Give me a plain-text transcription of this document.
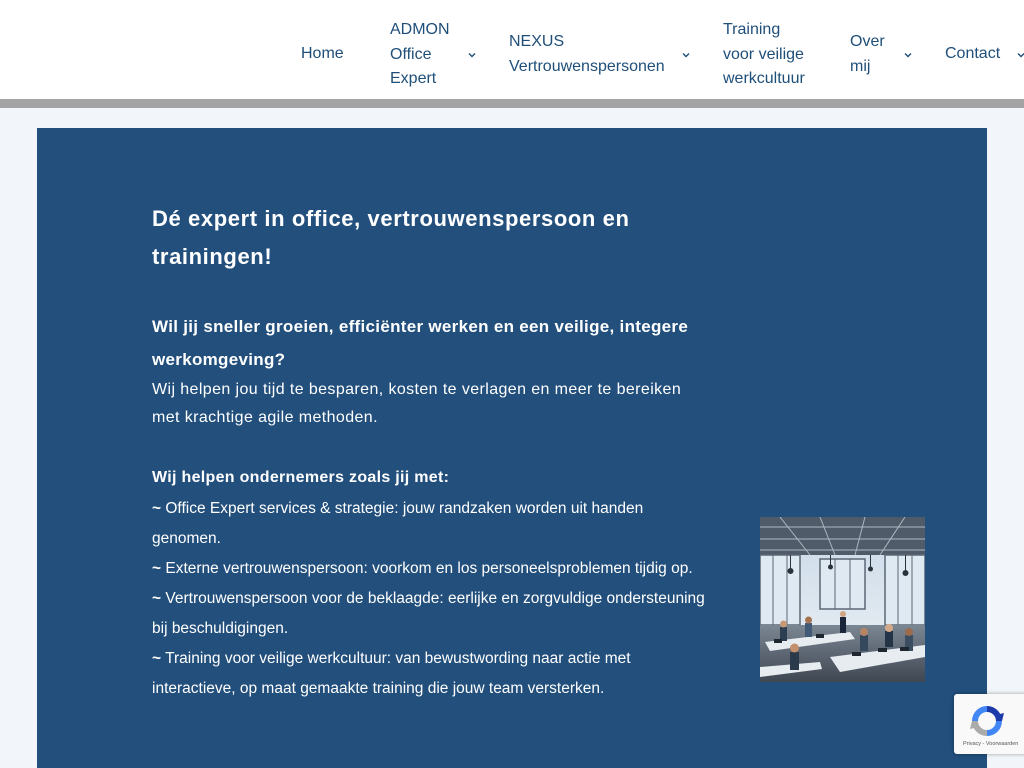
Home
ADMON
Office
Expert
NEXUS
Vertrouwenspersonen
Training
voor veilige
werkcultuur
Over
mij
Contact
Dé expert in office, vertrouwenspersoon en trainingen!
Wil jij sneller groeien, efficiënter werken en een veilige, integere werkomgeving?

Wij helpen jou tijd te besparen, kosten te verlagen en meer te bereiken met krachtige agile methoden.

Wij helpen ondernemers zoals jij met:

~ Office Expert services & strategie: jouw randzaken worden uit handen genomen.
~ Externe vertrouwenspersoon: voorkom en los personeelsproblemen tijdig op.
~ Vertrouwenspersoon voor de beklaagde: eerlijke en zorgvuldige ondersteuning bij beschuldigingen.
~ Training voor veilige werkcultuur: van bewustwording naar actie met interactieve, op maat gemaakte training die jouw team versterken.
Privacy - Voorwaarden
